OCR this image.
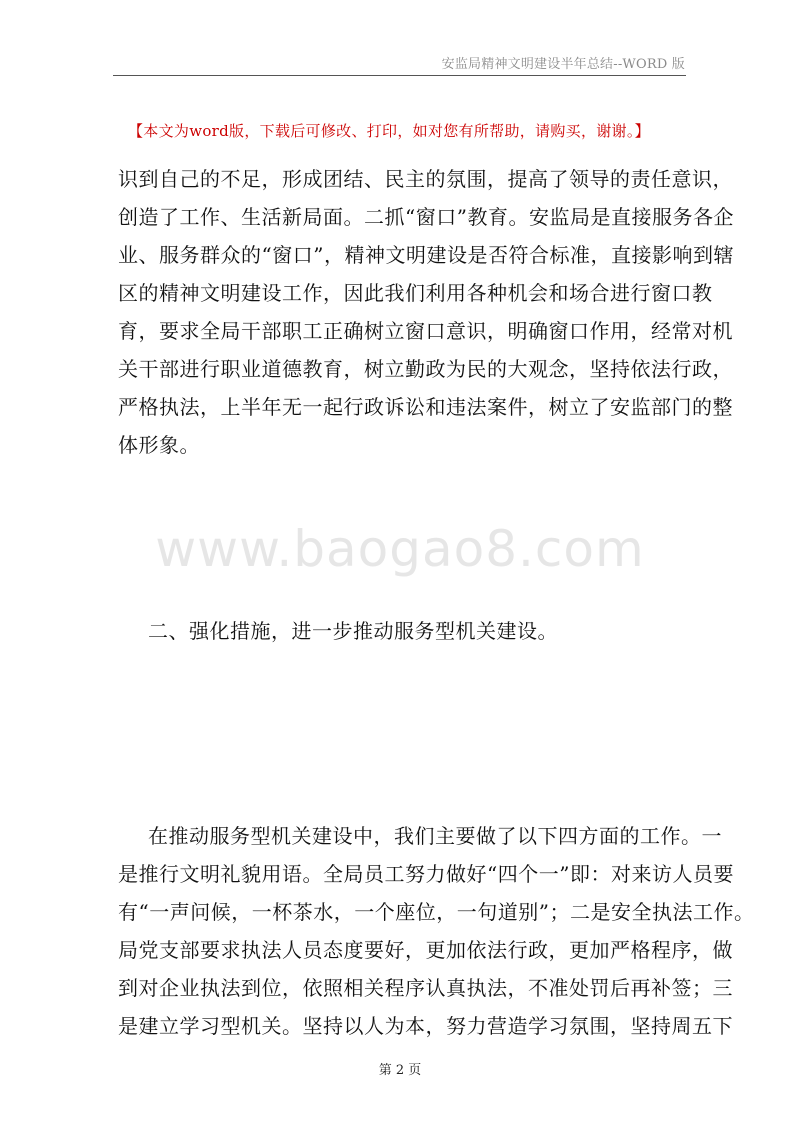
安监局精神文明建设半年总结--WORD 版
【本文为word版，下载后可修改、打印，如对您有所帮助，请购买，谢谢。】
识到自己的不足，形成团结、民主的氛围，提高了领导的责任意识，
创造了工作、生活新局面。二抓“窗口”教育。安监局是直接服务各企
业、服务群众的“窗口”，精神文明建设是否符合标准，直接影响到辖
区的精神文明建设工作，因此我们利用各种机会和场合进行窗口教
育，要求全局干部职工正确树立窗口意识，明确窗口作用，经常对机
关干部进行职业道德教育，树立勤政为民的大观念，坚持依法行政，
严格执法，上半年无一起行政诉讼和违法案件，树立了安监部门的整
体形象。
www.baogao8.com
二、强化措施，进一步推动服务型机关建设。
在推动服务型机关建设中，我们主要做了以下四方面的工作。一
是推行文明礼貌用语。全局员工努力做好“四个一”即：对来访人员要
有“一声问候，一杯茶水，一个座位，一句道别”；二是安全执法工作。
局党支部要求执法人员态度要好，更加依法行政，更加严格程序，做
到对企业执法到位，依照相关程序认真执法，不准处罚后再补签；三
是建立学习型机关。坚持以人为本，努力营造学习氛围，坚持周五下
第 2 页
